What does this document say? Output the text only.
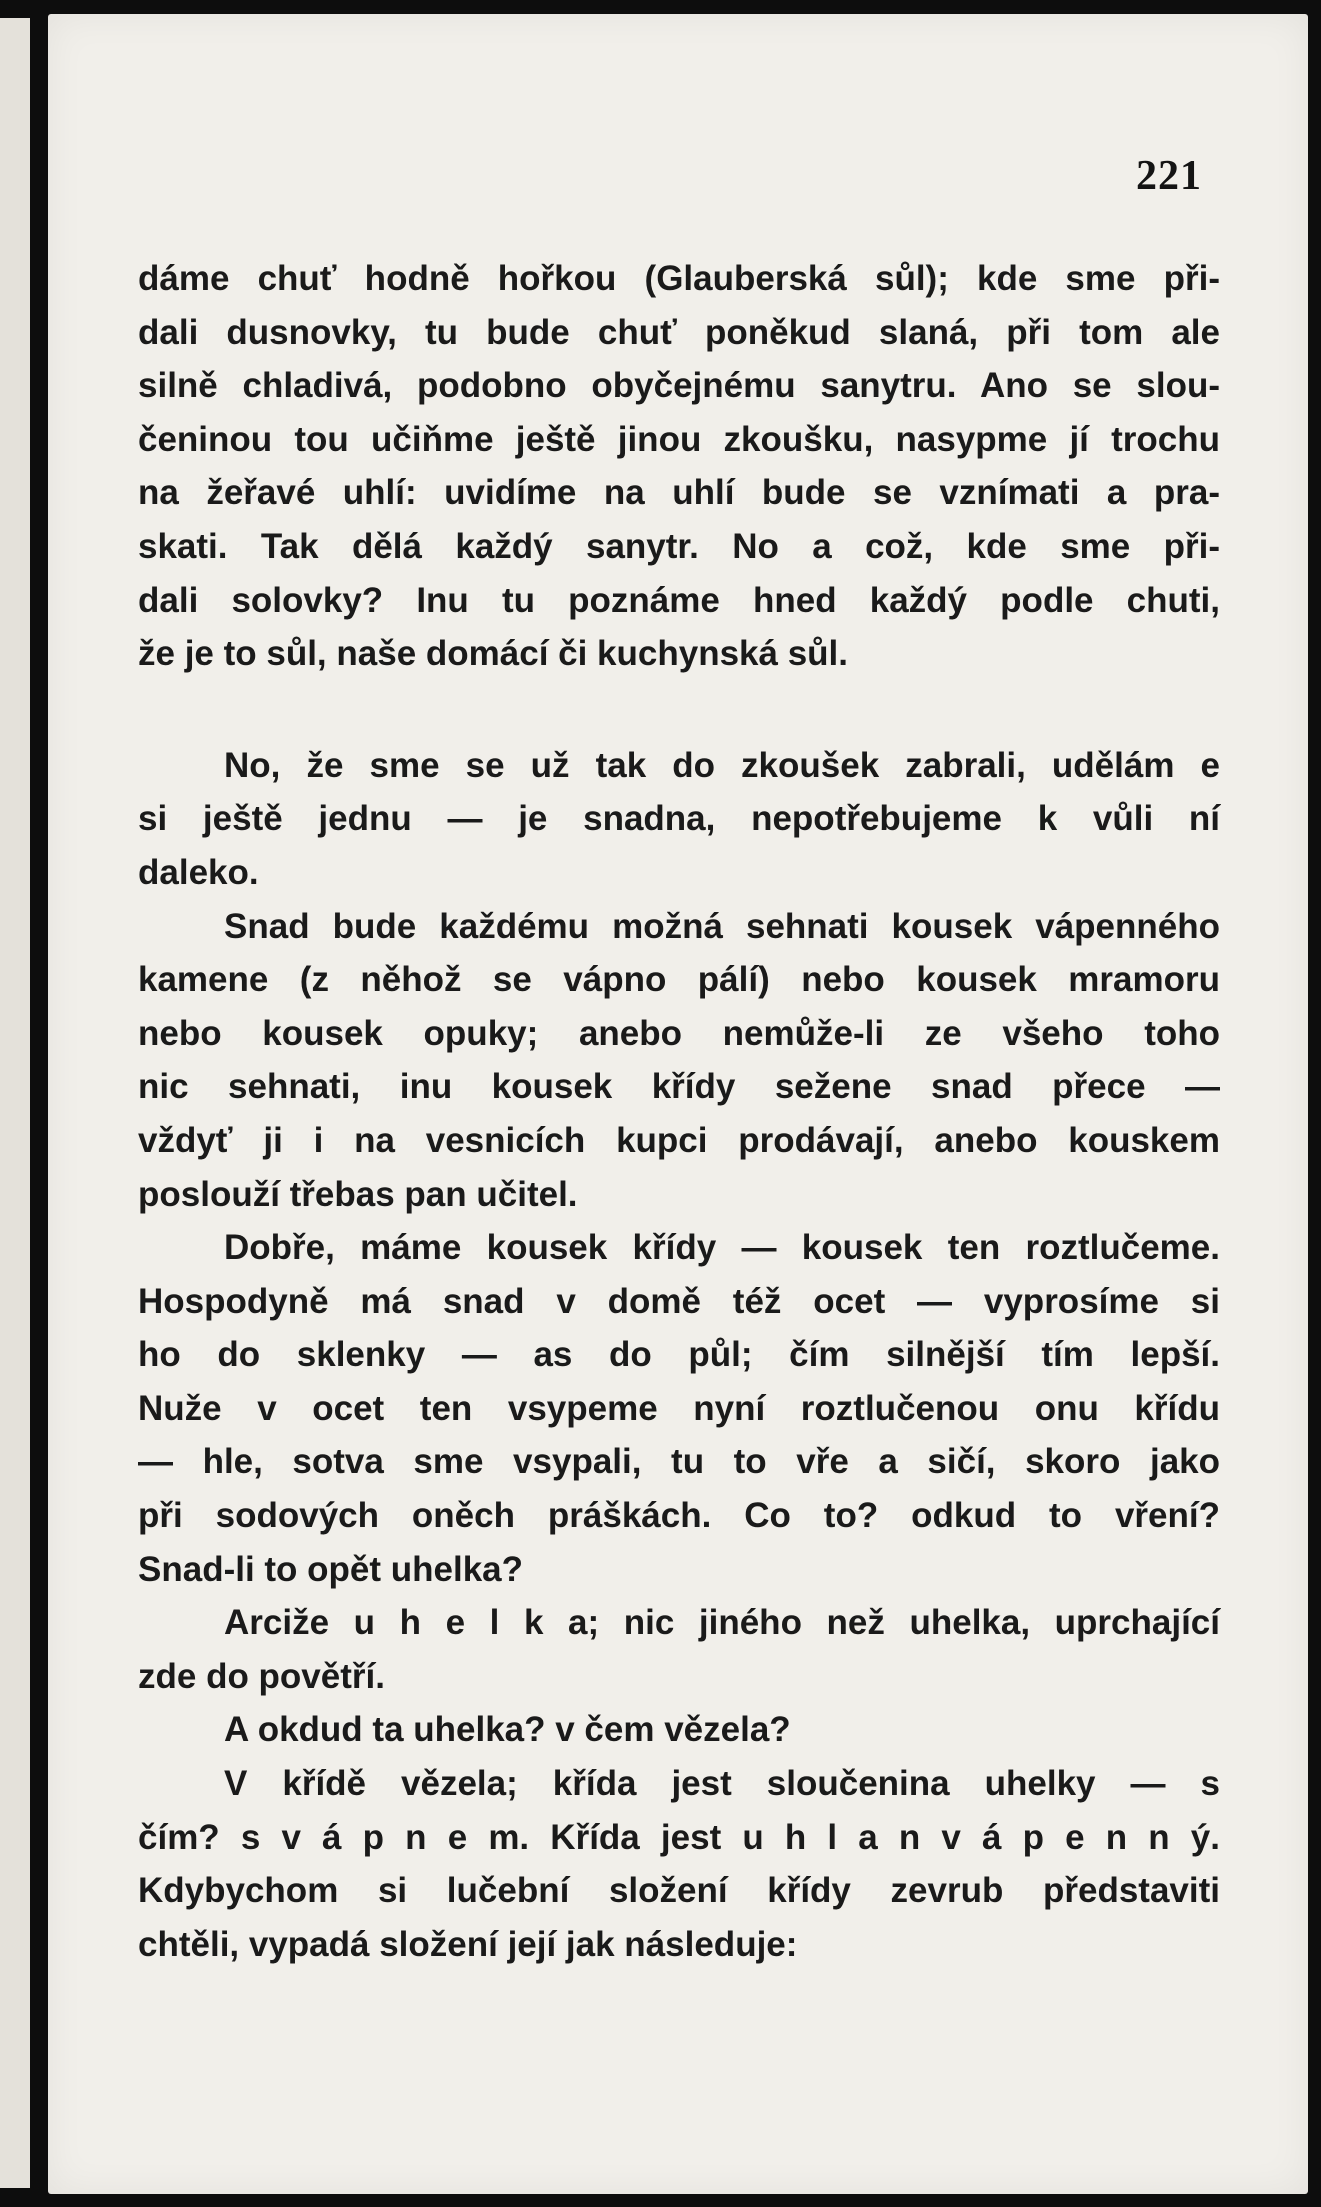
221
dáme chuť hodně hořkou (Glauberská sůl); kde sme při-
dali dusnovky, tu bude chuť poněkud slaná, při tom ale
silně chladivá, podobno obyčejnému sanytru. Ano se slou-
čeninou tou učiňme ještě jinou zkoušku, nasypme jí trochu
na žeřavé uhlí: uvidíme na uhlí bude se vznímati a pra-
skati. Tak dělá každý sanytr. No a což, kde sme při-
dali solovky? Inu tu poznáme hned každý podle chuti,
že je to sůl, naše domácí či kuchynská sůl.
No, že sme se už tak do zkoušek zabrali, udělám e
si ještě jednu — je snadna, nepotřebujeme k vůli ní
daleko.
Snad bude každému možná sehnati kousek vápenného
kamene (z něhož se vápno pálí) nebo kousek mramoru
nebo kousek opuky; anebo nemůže-li ze všeho toho
nic sehnati, inu kousek křídy sežene snad přece —
vždyť ji i na vesnicích kupci prodávají, anebo kouskem
poslouží třebas pan učitel.
Dobře, máme kousek křídy — kousek ten roztlučeme.
Hospodyně má snad v domě též ocet — vyprosíme si
ho do sklenky — as do půl; čím silnější tím lepší.
Nuže v ocet ten vsypeme nyní roztlučenou onu křídu
— hle, sotva sme vsypali, tu to vře a sičí, skoro jako
při sodových oněch práškách. Co to? odkud to vření?
Snad-li to opět uhelka?
Arciže u h e l k a; nic jiného než uhelka, uprchající
zde do povětří.
A okdud ta uhelka? v čem vězela?
V křídě vězela; křída jest sloučenina uhelky — s
čím? s v á p n e m. Křída jest u h l a n v á p e n n ý.
Kdybychom si lučební složení křídy zevrub představiti
chtěli, vypadá složení její jak následuje:
